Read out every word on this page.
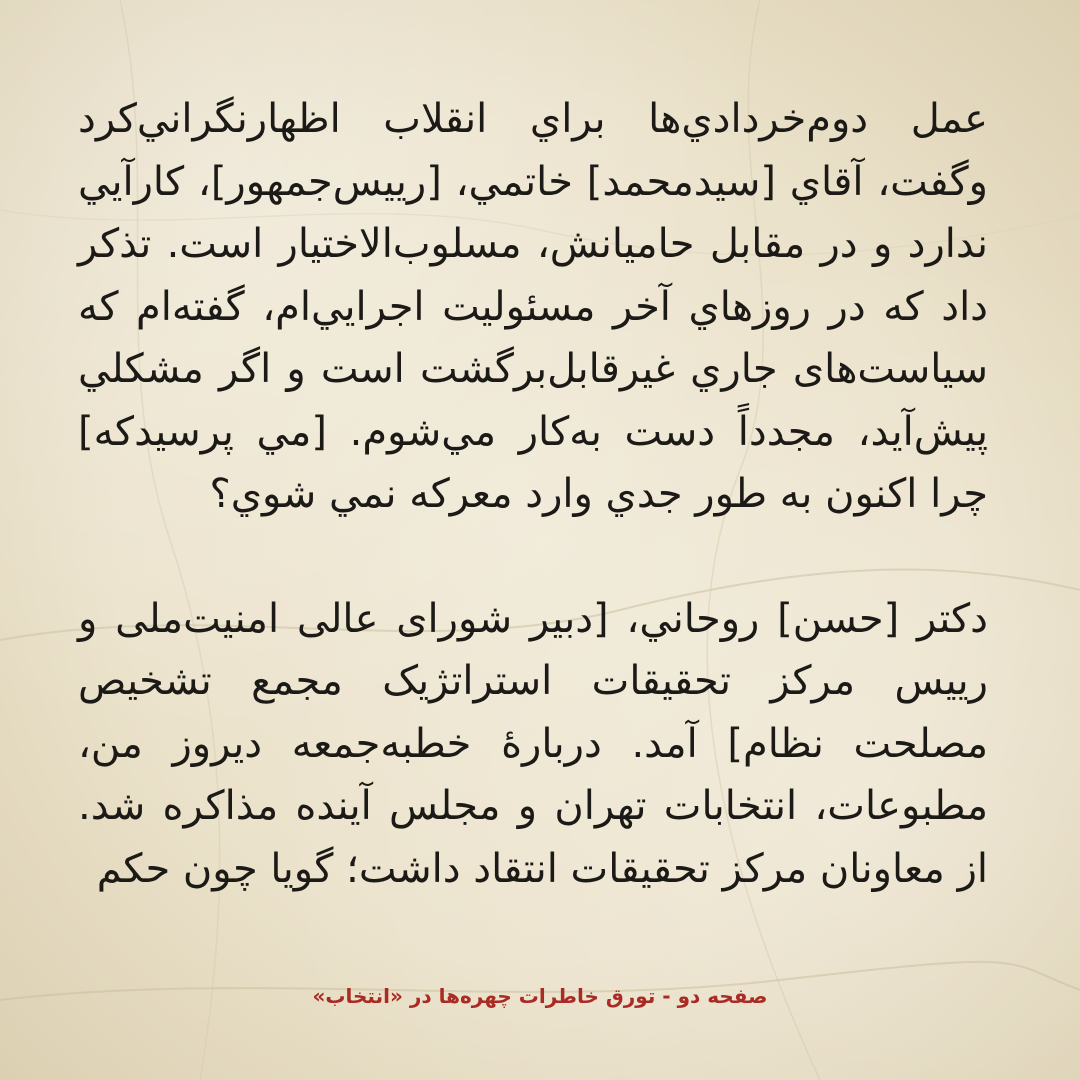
عمل دوم‌خردادي‌ها براي انقلاب اظهارنگراني‌كرد وگفت، آقاي [سيدمحمد] خاتمي، [رييس‌جمهور]، كارآيي ندارد و در مقابل حاميانش، مسلوب‌الاختيار است. تذكر داد كه در روزهاي آخر مسئوليت اجرايي‌ام، گفته‌ام كه سياست‌های جاري غيرقابل‌برگشت است و اگر مشكلي پيش‌آيد، مجدداً دست به‌كار مي‌شوم. [مي پرسيدكه] چرا اكنون به طور جدي وارد معركه نمي شوي؟

دكتر [حسن] روحاني، [دبير شورای عالی امنيت‌ملی و رييس مركز تحقيقات استراتژيک مجمع تشخيص مصلحت نظام] آمد. دربارهٔ خطبه‌جمعه ديروز من، مطبوعات، انتخابات تهران و مجلس آينده مذاكره شد. از معاونان مركز تحقيقات انتقاد داشت؛ گويا چون حكم

صفحه دو - تورق خاطرات چهره‌ها در «انتخاب»
